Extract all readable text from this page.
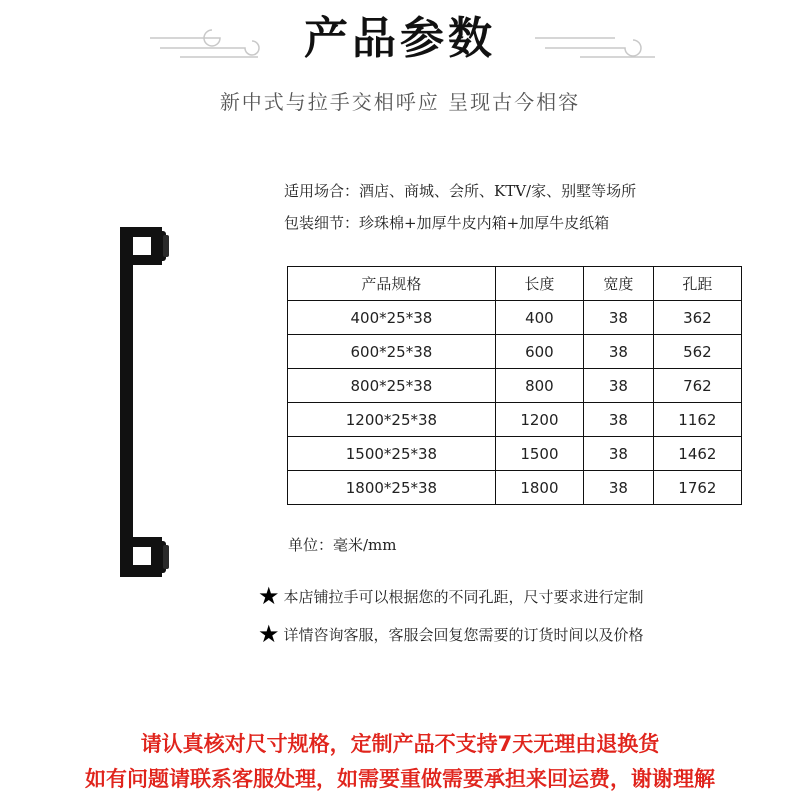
产品参数
新中式与拉手交相呼应 呈现古今相容
适用场合：酒店、商城、会所、KTV/家、别墅等场所
包装细节：珍珠棉+加厚牛皮内箱+加厚牛皮纸箱
产品规格	长度	宽度	孔距
400*25*38	400	38	362
600*25*38	600	38	562
800*25*38	800	38	762
1200*25*38	1200	38	1162
1500*25*38	1500	38	1462
1800*25*38	1800	38	1762
单位：毫米/mm
★ 本店铺拉手可以根据您的不同孔距，尺寸要求进行定制
★ 详情咨询客服，客服会回复您需要的订货时间以及价格
请认真核对尺寸规格，定制产品不支持7天无理由退换货
如有问题请联系客服处理，如需要重做需要承担来回运费，谢谢理解
